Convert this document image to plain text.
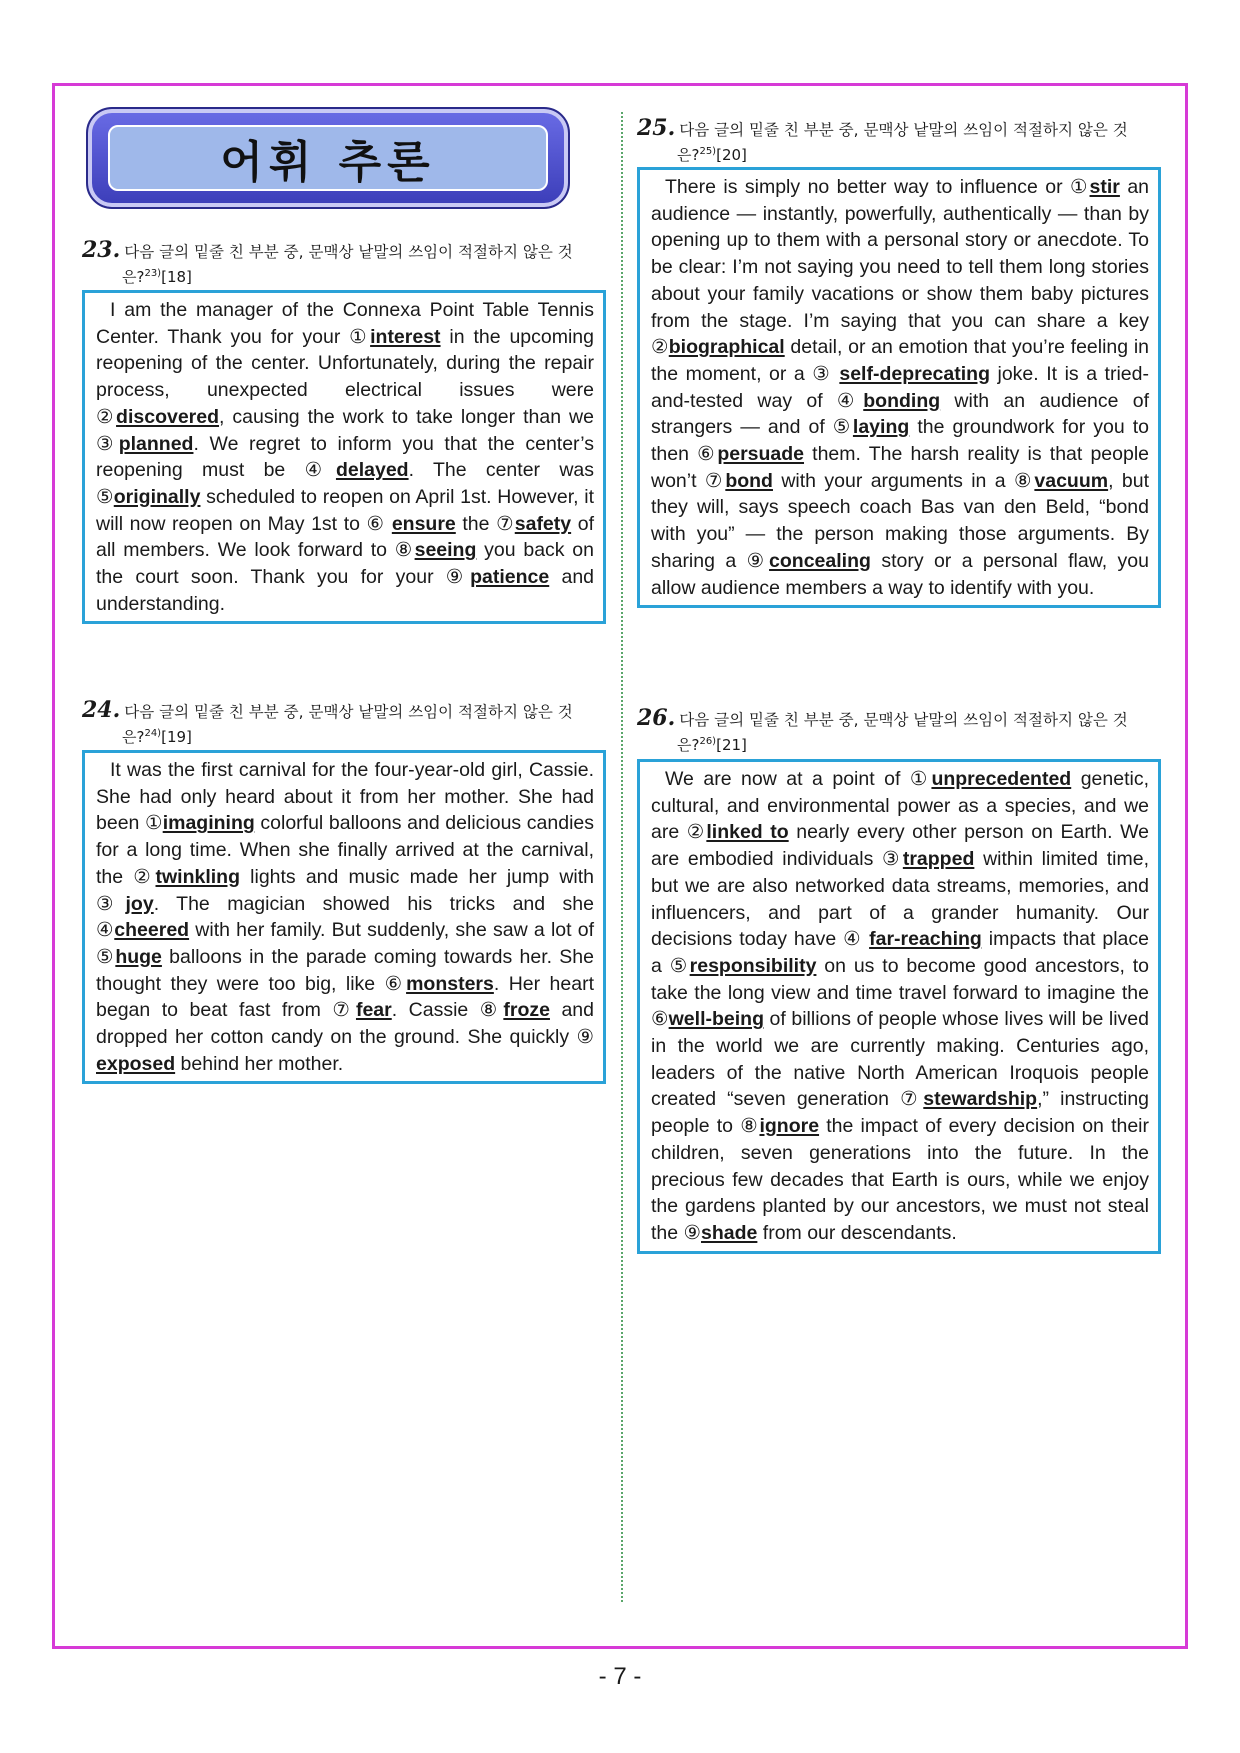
어휘 추론
23. 다음 글의 밑줄 친 부분 중, 문맥상 낱말의 쓰임이 적절하지 않은 것
은?$^{23)}$[18]
I am the manager of the Connexa Point Table Tennis Center. Thank you for your ①interest in the upcoming reopening of the center. Unfortunately, during the repair process, unexpected electrical issues were ②discovered, causing the work to take longer than we ③planned. We regret to inform you that the center’s reopening must be ④delayed. The center was ⑤originally scheduled to reopen on April 1st. However, it will now reopen on May 1st to ⑥ ensure the ⑦safety of all members. We look forward to ⑧seeing you back on the court soon. Thank you for your ⑨patience and understanding.
24. 다음 글의 밑줄 친 부분 중, 문맥상 낱말의 쓰임이 적절하지 않은 것
은?$^{24)}$[19]
It was the first carnival for the four-year-old girl, Cassie. She had only heard about it from her mother. She had been ①imagining colorful balloons and delicious candies for a long time. When she finally arrived at the carnival, the ②twinkling lights and music made her jump with ③joy. The magician showed his tricks and she ④cheered with her family. But suddenly, she saw a lot of ⑤huge balloons in the parade coming towards her. She thought they were too big, like ⑥monsters. Her heart began to beat fast from ⑦fear. Cassie ⑧froze and dropped her cotton candy on the ground. She quickly ⑨ exposed behind her mother.
25. 다음 글의 밑줄 친 부분 중, 문맥상 낱말의 쓰임이 적절하지 않은 것
은?$^{25)}$[20]
There is simply no better way to influence or ①stir an audience — instantly, powerfully, authentically — than by opening up to them with a personal story or anecdote. To be clear: I’m not saying you need to tell them long stories about your family vacations or show them baby pictures from the stage. I’m saying that you can share a key ②biographical detail, or an emotion that you’re feeling in the moment, or a ③ self-deprecating joke. It is a tried-and-tested way of ④bonding with an audience of strangers — and of ⑤laying the groundwork for you to then ⑥persuade them. The harsh reality is that people won’t ⑦bond with your arguments in a ⑧vacuum, but they will, says speech coach Bas van den Beld, “bond with you” — the person making those arguments. By sharing a ⑨concealing story or a personal flaw, you allow audience members a way to identify with you.
26. 다음 글의 밑줄 친 부분 중, 문맥상 낱말의 쓰임이 적절하지 않은 것
은?$^{26)}$[21]
We are now at a point of ①unprecedented genetic, cultural, and environmental power as a species, and we are ②linked to nearly every other person on Earth. We are embodied individuals ③trapped within limited time, but we are also networked data streams, memories, and influencers, and part of a grander humanity. Our decisions today have ④ far-reaching impacts that place a ⑤responsibility on us to become good ancestors, to take the long view and time travel forward to imagine the ⑥well-being of billions of people whose lives will be lived in the world we are currently making. Centuries ago, leaders of the native North American Iroquois people created “seven generation ⑦stewardship,” instructing people to ⑧ignore the impact of every decision on their children, seven generations into the future. In the precious few decades that Earth is ours, while we enjoy the gardens planted by our ancestors, we must not steal the ⑨shade from our descendants.
- 7 -
